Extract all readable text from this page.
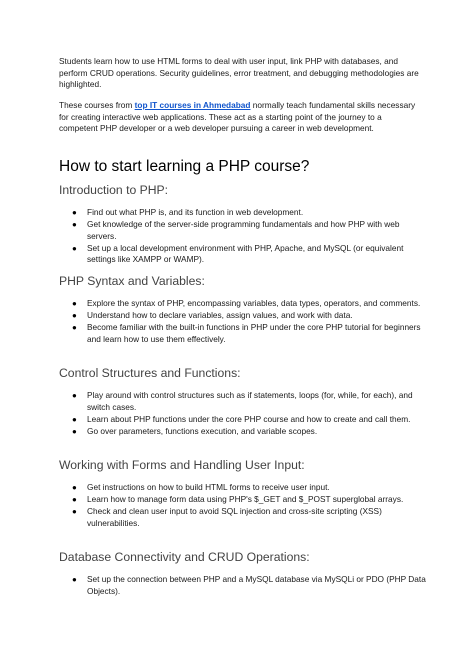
Students learn how to use HTML forms to deal with user input, link PHP with databases, and perform CRUD operations. Security guidelines, error treatment, and debugging methodologies are highlighted.

These courses from top IT courses in Ahmedabad normally teach fundamental skills necessary for creating interactive web applications. These act as a starting point of the journey to a competent PHP developer or a web developer pursuing a career in web development.

How to start learning a PHP course?
Introduction to PHP:
● Find out what PHP is, and its function in web development.
● Get knowledge of the server-side programming fundamentals and how PHP with web servers.
● Set up a local development environment with PHP, Apache, and MySQL (or equivalent settings like XAMPP or WAMP).
PHP Syntax and Variables:
● Explore the syntax of PHP, encompassing variables, data types, operators, and comments.
● Understand how to declare variables, assign values, and work with data.
● Become familiar with the built-in functions in PHP under the core PHP tutorial for beginners and learn how to use them effectively.
Control Structures and Functions:
● Play around with control structures such as if statements, loops (for, while, for each), and switch cases.
● Learn about PHP functions under the core PHP course and how to create and call them.
● Go over parameters, functions execution, and variable scopes.
Working with Forms and Handling User Input:
● Get instructions on how to build HTML forms to receive user input.
● Learn how to manage form data using PHP's $_GET and $_POST superglobal arrays.
● Check and clean user input to avoid SQL injection and cross-site scripting (XSS) vulnerabilities.
Database Connectivity and CRUD Operations:
● Set up the connection between PHP and a MySQL database via MySQLi or PDO (PHP Data Objects).
